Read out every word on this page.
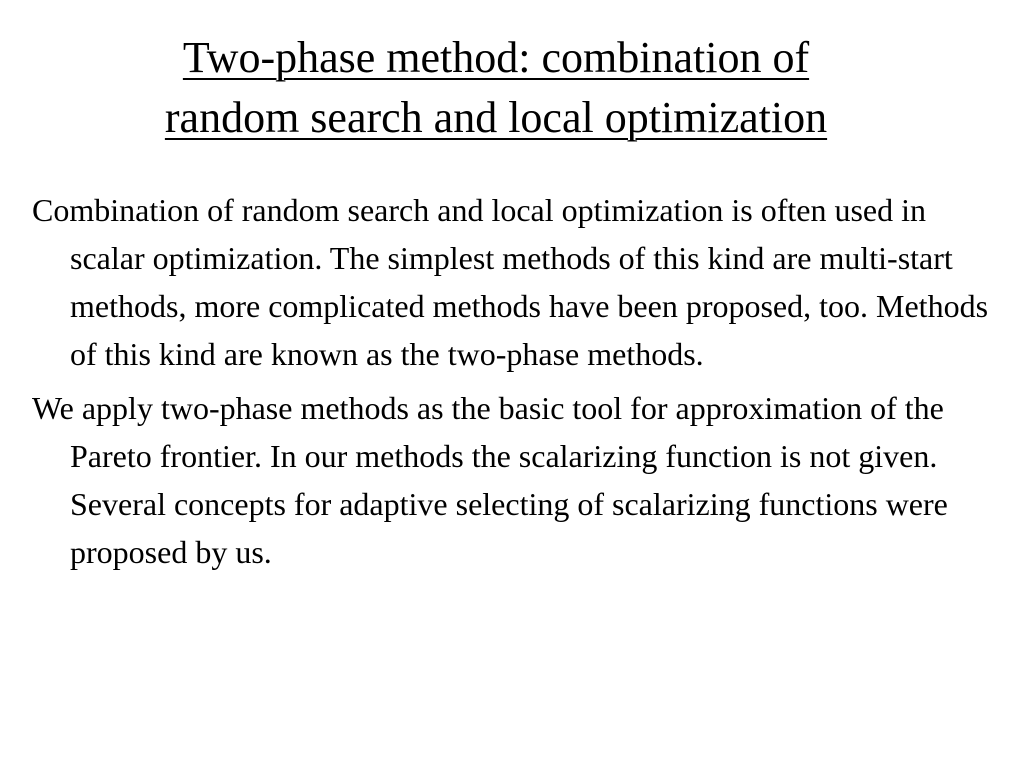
Two-phase method: combination of
random search and local optimization
Combination of random search and local optimization is often used in scalar optimization. The simplest methods of this kind are multi-start methods, more complicated methods have been proposed, too. Methods of this kind are known as the two-phase methods.
We apply two-phase methods as the basic tool for approximation of the Pareto frontier. In our methods the scalarizing function is not given. Several concepts for adaptive selecting of scalarizing functions were proposed by us.
